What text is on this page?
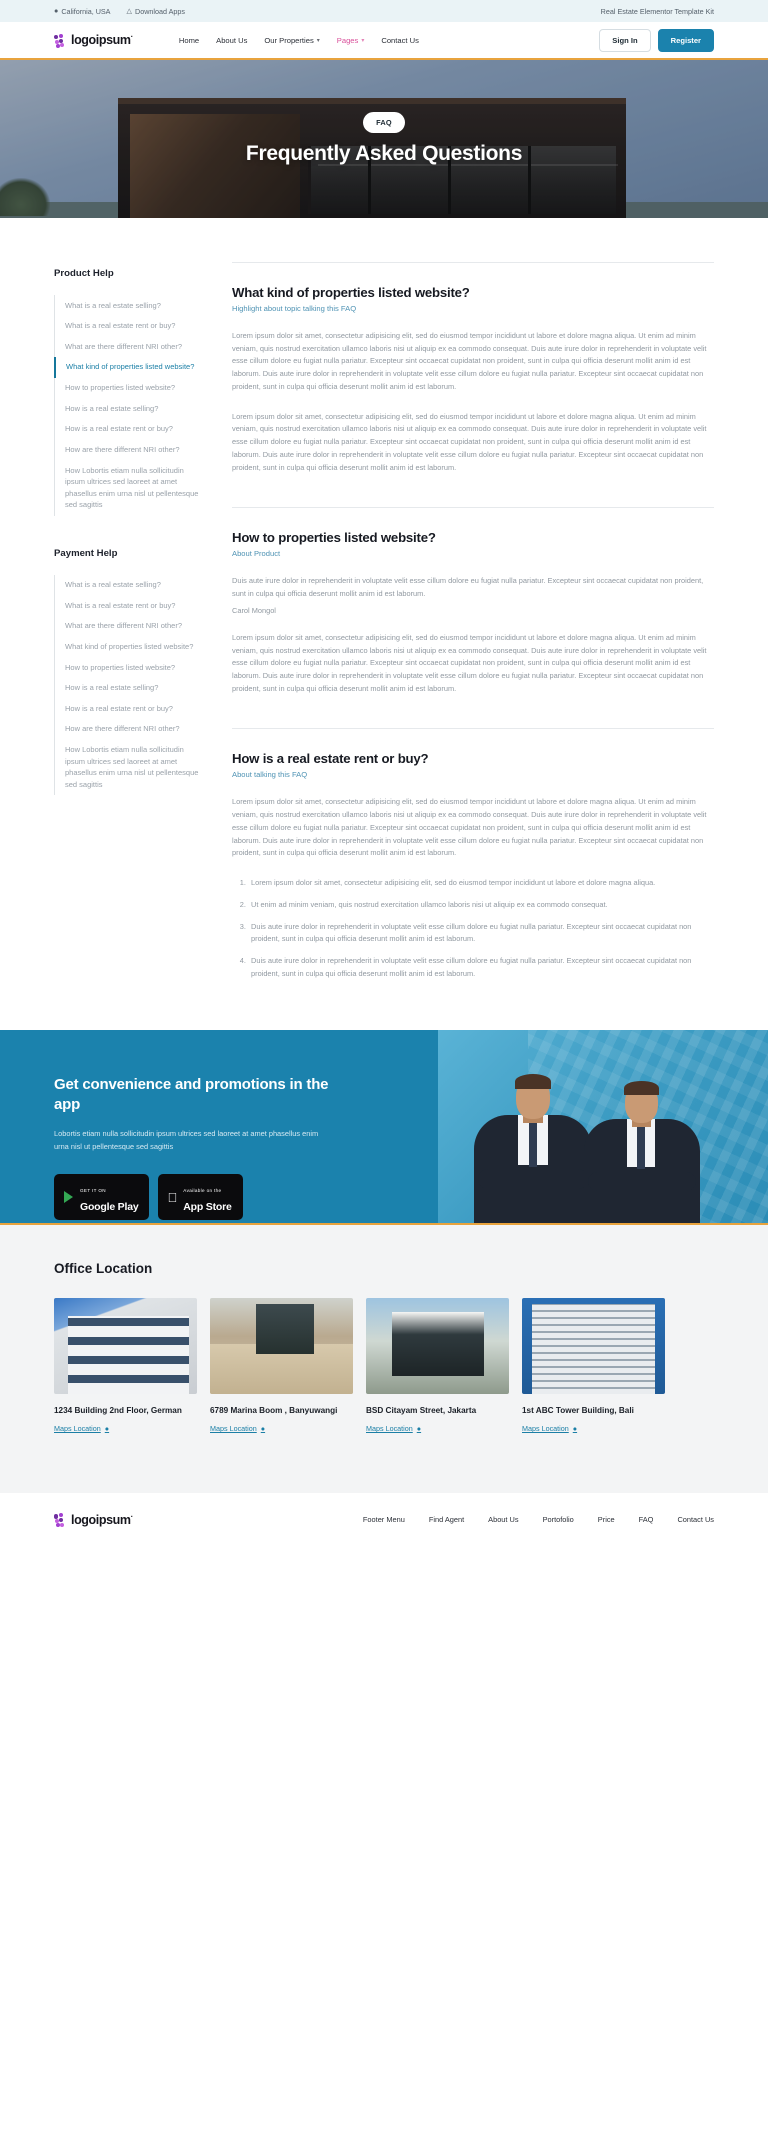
● California, USA △ Download Apps	Real Estate Elementor Template Kit
logoipsum·	Home About Us Our Properties ▾ Pages ▾ Contact Us	Sign In	Register
FAQ
Frequently Asked Questions
Product Help
What is a real estate selling?
What is a real estate rent or buy?
What are there different NRI other?
What kind of properties listed website?
How to properties listed website?
How is a real estate selling?
How is a real estate rent or buy?
How are there different NRI other?
How Lobortis etiam nulla sollicitudin ipsum ultrices sed laoreet at amet phasellus enim urna nisl ut pellentesque sed sagittis
Payment Help
What is a real estate selling?
What is a real estate rent or buy?
What are there different NRI other?
What kind of properties listed website?
How to properties listed website?
How is a real estate selling?
How is a real estate rent or buy?
How are there different NRI other?
How Lobortis etiam nulla sollicitudin ipsum ultrices sed laoreet at amet phasellus enim urna nisl ut pellentesque sed sagittis
What kind of properties listed website?
Highlight about topic talking this FAQ

Lorem ipsum dolor sit amet, consectetur adipisicing elit, sed do eiusmod tempor incididunt ut labore et dolore magna aliqua. Ut enim ad minim veniam, quis nostrud exercitation ullamco laboris nisi ut aliquip ex ea commodo consequat. Duis aute irure dolor in reprehenderit in voluptate velit esse cillum dolore eu fugiat nulla pariatur. Excepteur sint occaecat cupidatat non proident, sunt in culpa qui officia deserunt mollit anim id est laborum. Duis aute irure dolor in reprehenderit in voluptate velit esse cillum dolore eu fugiat nulla pariatur. Excepteur sint occaecat cupidatat non proident, sunt in culpa qui officia deserunt mollit anim id est laborum.

Lorem ipsum dolor sit amet, consectetur adipisicing elit, sed do eiusmod tempor incididunt ut labore et dolore magna aliqua. Ut enim ad minim veniam, quis nostrud exercitation ullamco laboris nisi ut aliquip ex ea commodo consequat. Duis aute irure dolor in reprehenderit in voluptate velit esse cillum dolore eu fugiat nulla pariatur. Excepteur sint occaecat cupidatat non proident, sunt in culpa qui officia deserunt mollit anim id est laborum. Duis aute irure dolor in reprehenderit in voluptate velit esse cillum dolore eu fugiat nulla pariatur. Excepteur sint occaecat cupidatat non proident, sunt in culpa qui officia deserunt mollit anim id est laborum.

How to properties listed website?
About Product

Duis aute irure dolor in reprehenderit in voluptate velit esse cillum dolore eu fugiat nulla pariatur. Excepteur sint occaecat cupidatat non proident, sunt in culpa qui officia deserunt mollit anim id est laborum.

Carol Mongol

Lorem ipsum dolor sit amet, consectetur adipisicing elit, sed do eiusmod tempor incididunt ut labore et dolore magna aliqua. Ut enim ad minim veniam, quis nostrud exercitation ullamco laboris nisi ut aliquip ex ea commodo consequat. Duis aute irure dolor in reprehenderit in voluptate velit esse cillum dolore eu fugiat nulla pariatur. Excepteur sint occaecat cupidatat non proident, sunt in culpa qui officia deserunt mollit anim id est laborum. Duis aute irure dolor in reprehenderit in voluptate velit esse cillum dolore eu fugiat nulla pariatur. Excepteur sint occaecat cupidatat non proident, sunt in culpa qui officia deserunt mollit anim id est laborum.

How is a real estate rent or buy?
About talking this FAQ

Lorem ipsum dolor sit amet, consectetur adipisicing elit, sed do eiusmod tempor incididunt ut labore et dolore magna aliqua. Ut enim ad minim veniam, quis nostrud exercitation ullamco laboris nisi ut aliquip ex ea commodo consequat. Duis aute irure dolor in reprehenderit in voluptate velit esse cillum dolore eu fugiat nulla pariatur. Excepteur sint occaecat cupidatat non proident, sunt in culpa qui officia deserunt mollit anim id est laborum. Duis aute irure dolor in reprehenderit in voluptate velit esse cillum dolore eu fugiat nulla pariatur. Excepteur sint occaecat cupidatat non proident, sunt in culpa qui officia deserunt mollit anim id est laborum.

1. Lorem ipsum dolor sit amet, consectetur adipisicing elit, sed do eiusmod tempor incididunt ut labore et dolore magna aliqua.
2. Ut enim ad minim veniam, quis nostrud exercitation ullamco laboris nisi ut aliquip ex ea commodo consequat.
3. Duis aute irure dolor in reprehenderit in voluptate velit esse cillum dolore eu fugiat nulla pariatur. Excepteur sint occaecat cupidatat non proident, sunt in culpa qui officia deserunt mollit anim id est laborum.
4. Duis aute irure dolor in reprehenderit in voluptate velit esse cillum dolore eu fugiat nulla pariatur. Excepteur sint occaecat cupidatat non proident, sunt in culpa qui officia deserunt mollit anim id est laborum.
Get convenience and promotions in the app

Lobortis etiam nulla sollicitudin ipsum ultrices sed laoreet at amet phasellus enim urna nisl ut pellentesque sed sagittis

GET IT ON
Google Play
Available on the
App Store
Office Location
1234 Building 2nd Floor, German
Maps Location ●
6789 Marina Boom , Banyuwangi
Maps Location ●
BSD Citayam Street, Jakarta
Maps Location ●
1st ABC Tower Building, Bali
Maps Location ●
logoipsum·	Footer Menu	Find Agent	About Us	Portofolio	Price	FAQ	Contact Us
